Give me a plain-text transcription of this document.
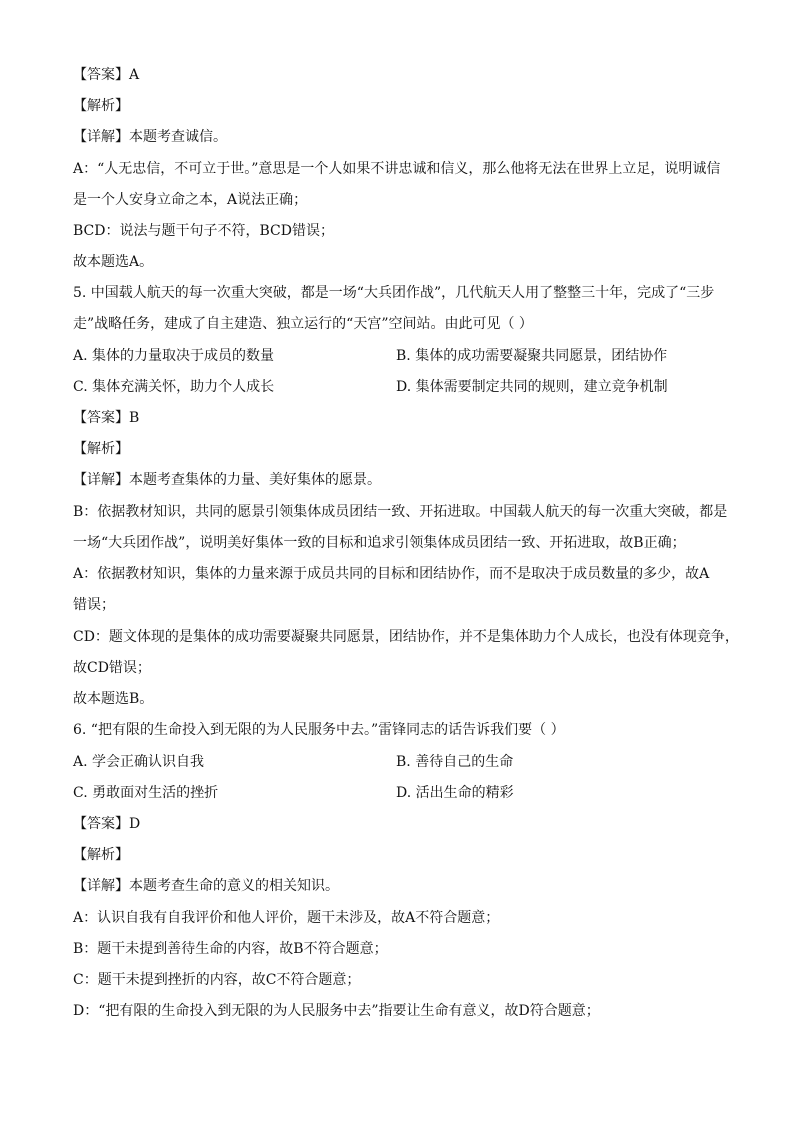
【答案】A
【解析】
【详解】本题考查诚信。
A：“人无忠信，不可立于世。”意思是一个人如果不讲忠诚和信义，那么他将无法在世界上立足，说明诚信
是一个人安身立命之本，A说法正确；
BCD：说法与题干句子不符，BCD错误；
故本题选A。
5. 中国载人航天的每一次重大突破，都是一场“大兵团作战”，几代航天人用了整整三十年，完成了“三步
走”战略任务，建成了自主建造、独立运行的“天宫”空间站。由此可见（ ）
A. 集体的力量取决于成员的数量	B. 集体的成功需要凝聚共同愿景，团结协作
C. 集体充满关怀，助力个人成长	D. 集体需要制定共同的规则，建立竞争机制
【答案】B
【解析】
【详解】本题考查集体的力量、美好集体的愿景。
B：依据教材知识，共同的愿景引领集体成员团结一致、开拓进取。中国载人航天的每一次重大突破，都是
一场“大兵团作战”，说明美好集体一致的目标和追求引领集体成员团结一致、开拓进取，故B正确；
A：依据教材知识，集体的力量来源于成员共同的目标和团结协作，而不是取决于成员数量的多少，故A
错误；
CD：题文体现的是集体的成功需要凝聚共同愿景，团结协作，并不是集体助力个人成长，也没有体现竞争，
故CD错误；
故本题选B。
6. “把有限的生命投入到无限的为人民服务中去。”雷锋同志的话告诉我们要（ ）
A. 学会正确认识自我	B. 善待自己的生命
C. 勇敢面对生活的挫折	D. 活出生命的精彩
【答案】D
【解析】
【详解】本题考查生命的意义的相关知识。
A：认识自我有自我评价和他人评价，题干未涉及，故A不符合题意；
B：题干未提到善待生命的内容，故B不符合题意；
C：题干未提到挫折的内容，故C不符合题意；
D：“把有限的生命投入到无限的为人民服务中去”指要让生命有意义，故D符合题意；
